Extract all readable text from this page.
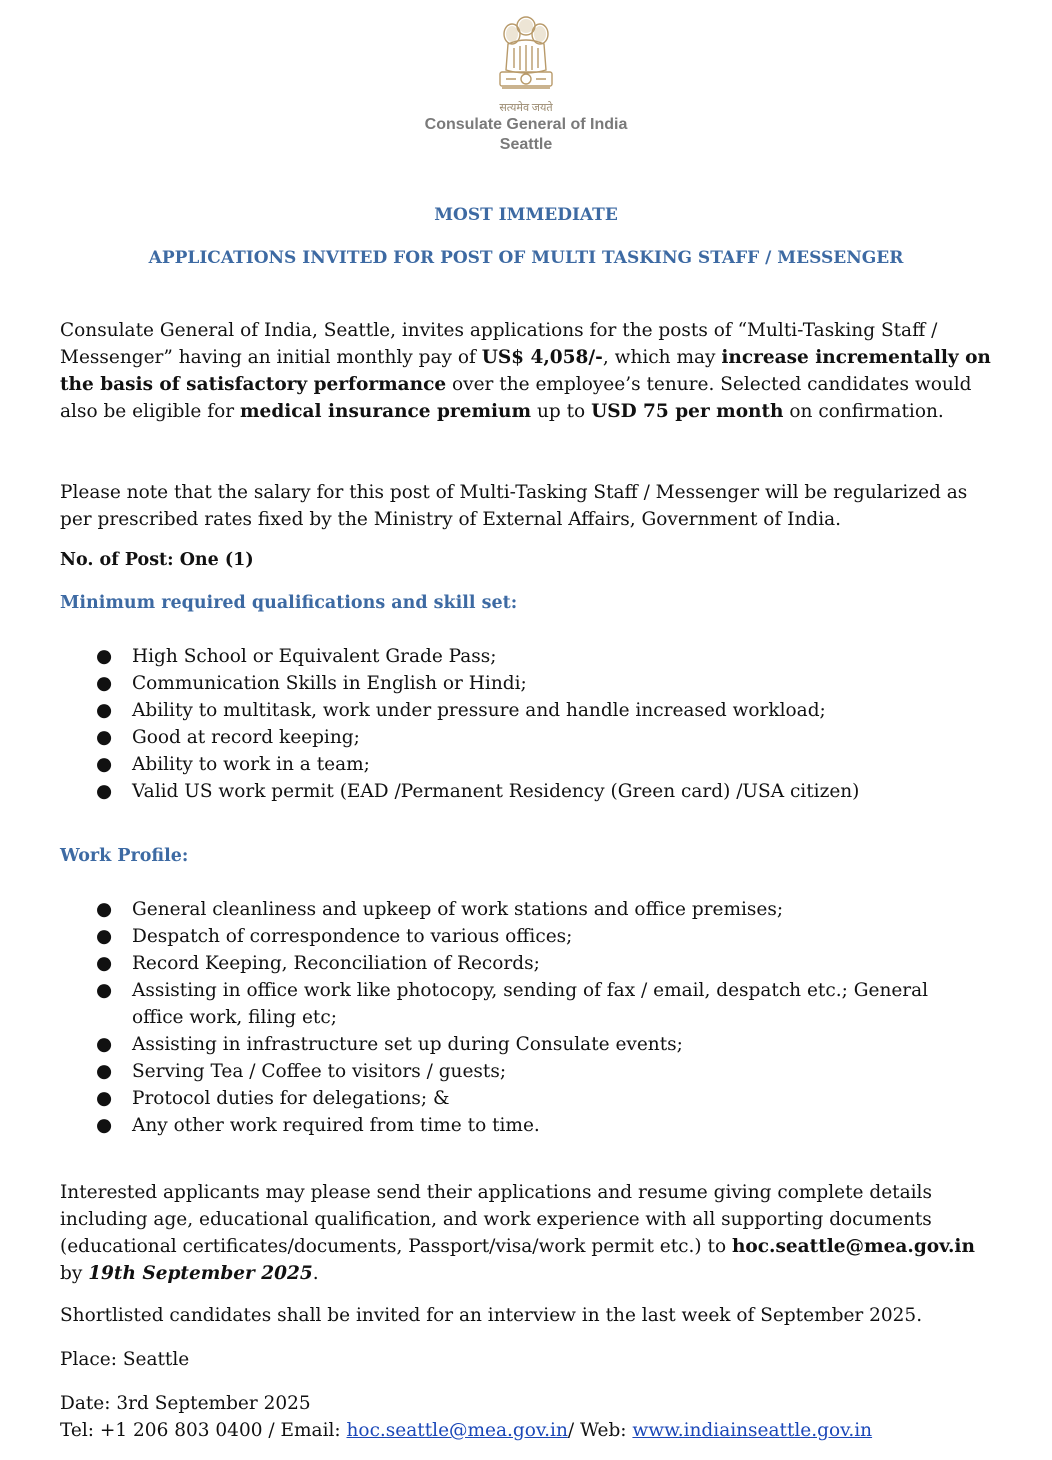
सत्यमेव जयते
Consulate General of India
Seattle
MOST IMMEDIATE
APPLICATIONS INVITED FOR POST OF MULTI TASKING STAFF / MESSENGER

Consulate General of India, Seattle, invites applications for the posts of “Multi-Tasking Staff / Messenger” having an initial monthly pay of US$ 4,058/-, which may increase incrementally on the basis of satisfactory performance over the employee’s tenure. Selected candidates would also be eligible for medical insurance premium up to USD 75 per month on confirmation.

Please note that the salary for this post of Multi-Tasking Staff / Messenger will be regularized as per prescribed rates fixed by the Ministry of External Affairs, Government of India.

No. of Post: One (1)
Minimum required qualifications and skill set:
● High School or Equivalent Grade Pass;
● Communication Skills in English or Hindi;
● Ability to multitask, work under pressure and handle increased workload;
● Good at record keeping;
● Ability to work in a team;
● Valid US work permit (EAD /Permanent Residency (Green card) /USA citizen)
Work Profile:
● General cleanliness and upkeep of work stations and office premises;
● Despatch of correspondence to various offices;
● Record Keeping, Reconciliation of Records;
● Assisting in office work like photocopy, sending of fax / email, despatch etc.; General office work, filing etc;
● Assisting in infrastructure set up during Consulate events;
● Serving Tea / Coffee to visitors / guests;
● Protocol duties for delegations; &
● Any other work required from time to time.

Interested applicants may please send their applications and resume giving complete details including age, educational qualification, and work experience with all supporting documents (educational certificates/documents, Passport/visa/work permit etc.) to hoc.seattle@mea.gov.in by 19th September 2025.

Shortlisted candidates shall be invited for an interview in the last week of September 2025.

Place: Seattle

Date: 3rd September 2025

Tel: +1 206 803 0400 / Email: hoc.seattle@mea.gov.in/ Web: www.indiainseattle.gov.in
